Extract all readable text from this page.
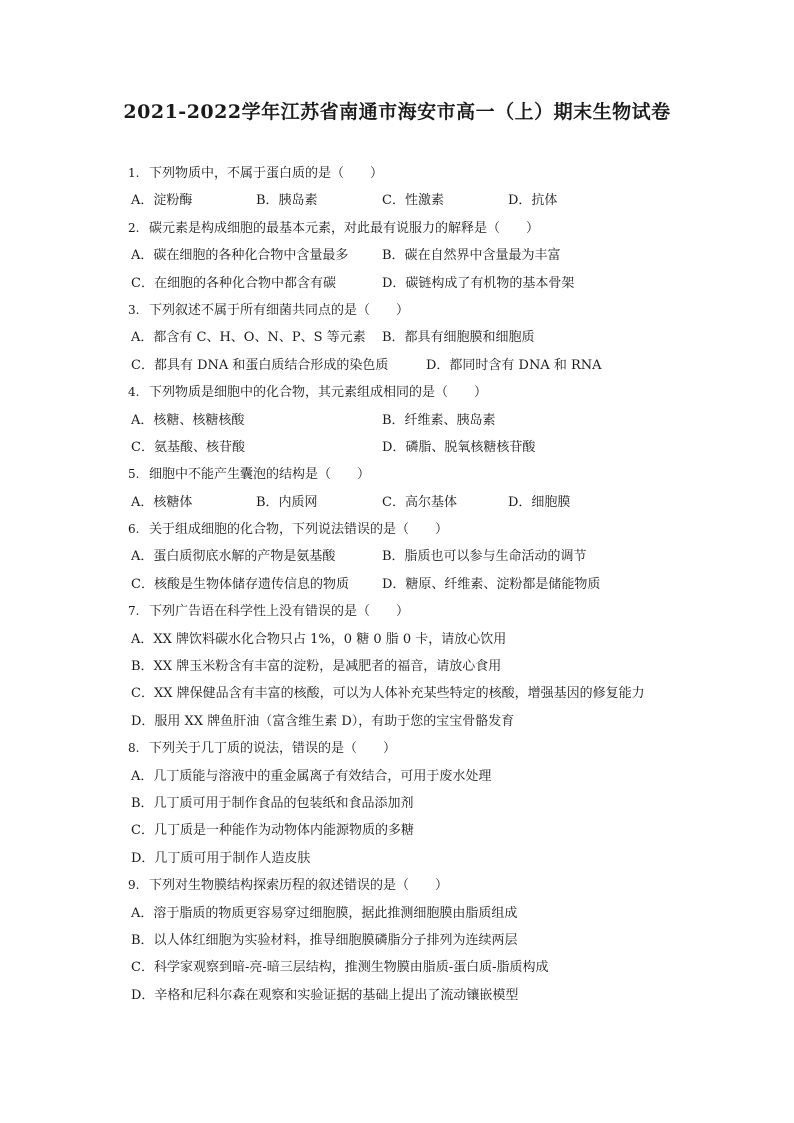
2021-2022学年江苏省南通市海安市高一（上）期末生物试卷
1. 下列物质中，不属于蛋白质的是（　　）
A．淀粉酶	B．胰岛素	C．性激素	D．抗体
2. 碳元素是构成细胞的最基本元素，对此最有说服力的解释是（　　）
A．碳在细胞的各种化合物中含量最多	B．碳在自然界中含量最为丰富
C．在细胞的各种化合物中都含有碳	D．碳链构成了有机物的基本骨架
3. 下列叙述不属于所有细菌共同点的是（　　）
A．都含有 C、H、O、N、P、S 等元素 B．都具有细胞膜和细胞质
C．都具有 DNA 和蛋白质结合形成的染色质	D．都同时含有 DNA 和 RNA
4. 下列物质是细胞中的化合物，其元素组成相同的是（　　）
A．核糖、核糖核酸	B．纤维素、胰岛素
C．氨基酸、核苷酸	D．磷脂、脱氧核糖核苷酸
5. 细胞中不能产生囊泡的结构是（　　）
A．核糖体	B．内质网	C．高尔基体	D．细胞膜
6. 关于组成细胞的化合物，下列说法错误的是（　　）
A．蛋白质彻底水解的产物是氨基酸	B．脂质也可以参与生命活动的调节
C．核酸是生物体储存遗传信息的物质	D．糖原、纤维素、淀粉都是储能物质
7. 下列广告语在科学性上没有错误的是（　　）
A．XX 牌饮料碳水化合物只占 1%，0 糖 0 脂 0 卡，请放心饮用
B．XX 牌玉米粉含有丰富的淀粉，是减肥者的福音，请放心食用
C．XX 牌保健品含有丰富的核酸，可以为人体补充某些特定的核酸，增强基因的修复能力
D．服用 XX 牌鱼肝油（富含维生素 D），有助于您的宝宝骨骼发育
8. 下列关于几丁质的说法，错误的是（　　）
A．几丁质能与溶液中的重金属离子有效结合，可用于废水处理
B．几丁质可用于制作食品的包装纸和食品添加剂
C．几丁质是一种能作为动物体内能源物质的多糖
D．几丁质可用于制作人造皮肤
9. 下列对生物膜结构探索历程的叙述错误的是（　　）
A．溶于脂质的物质更容易穿过细胞膜，据此推测细胞膜由脂质组成
B．以人体红细胞为实验材料，推导细胞膜磷脂分子排列为连续两层
C．科学家观察到暗-亮-暗三层结构，推测生物膜由脂质-蛋白质-脂质构成
D．辛格和尼科尔森在观察和实验证据的基础上提出了流动镶嵌模型
